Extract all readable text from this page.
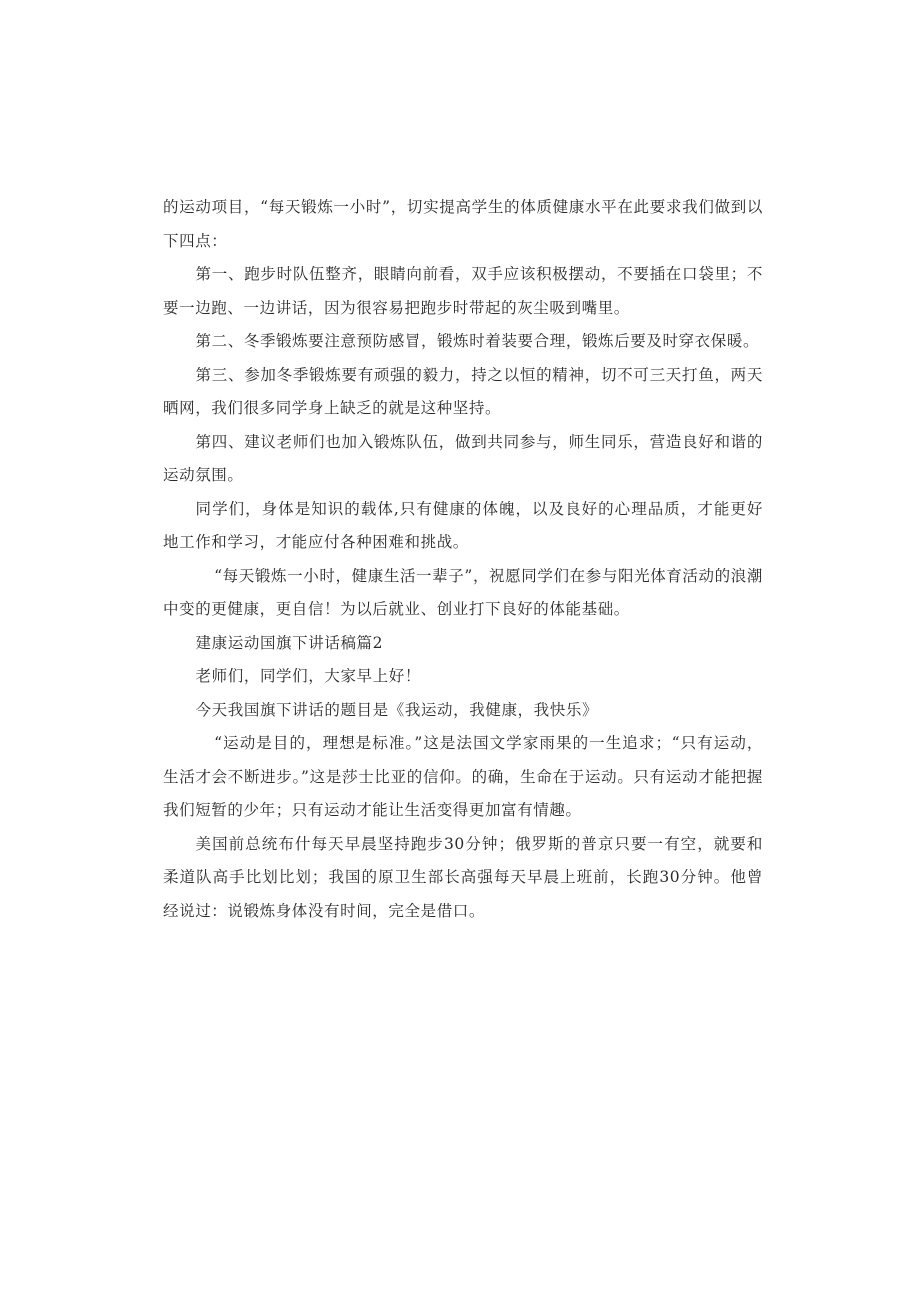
的运动项目，“每天锻炼一小时”，切实提高学生的体质健康水平在此要求我们做到以下四点：

第一、跑步时队伍整齐，眼睛向前看，双手应该积极摆动，不要插在口袋里；不要一边跑、一边讲话，因为很容易把跑步时带起的灰尘吸到嘴里。

第二、冬季锻炼要注意预防感冒，锻炼时着装要合理，锻炼后要及时穿衣保暖。

第三、参加冬季锻炼要有顽强的毅力，持之以恒的精神，切不可三天打鱼，两天晒网，我们很多同学身上缺乏的就是这种坚持。

第四、建议老师们也加入锻炼队伍，做到共同参与，师生同乐，营造良好和谐的运动氛围。

同学们，身体是知识的载体,只有健康的体魄，以及良好的心理品质，才能更好地工作和学习，才能应付各种困难和挑战。

“每天锻炼一小时，健康生活一辈子”，祝愿同学们在参与阳光体育活动的浪潮中变的更健康，更自信！为以后就业、创业打下良好的体能基础。

建康运动国旗下讲话稿篇2

老师们，同学们，大家早上好！

今天我国旗下讲话的题目是《我运动，我健康，我快乐》

“运动是目的，理想是标准。”这是法国文学家雨果的一生追求；“只有运动，生活才会不断进步。”这是莎士比亚的信仰。的确，生命在于运动。只有运动才能把握我们短暂的少年；只有运动才能让生活变得更加富有情趣。

美国前总统布什每天早晨坚持跑步30分钟；俄罗斯的普京只要一有空，就要和柔道队高手比划比划；我国的原卫生部长高强每天早晨上班前，长跑30分钟。他曾经说过：说锻炼身体没有时间，完全是借口。
